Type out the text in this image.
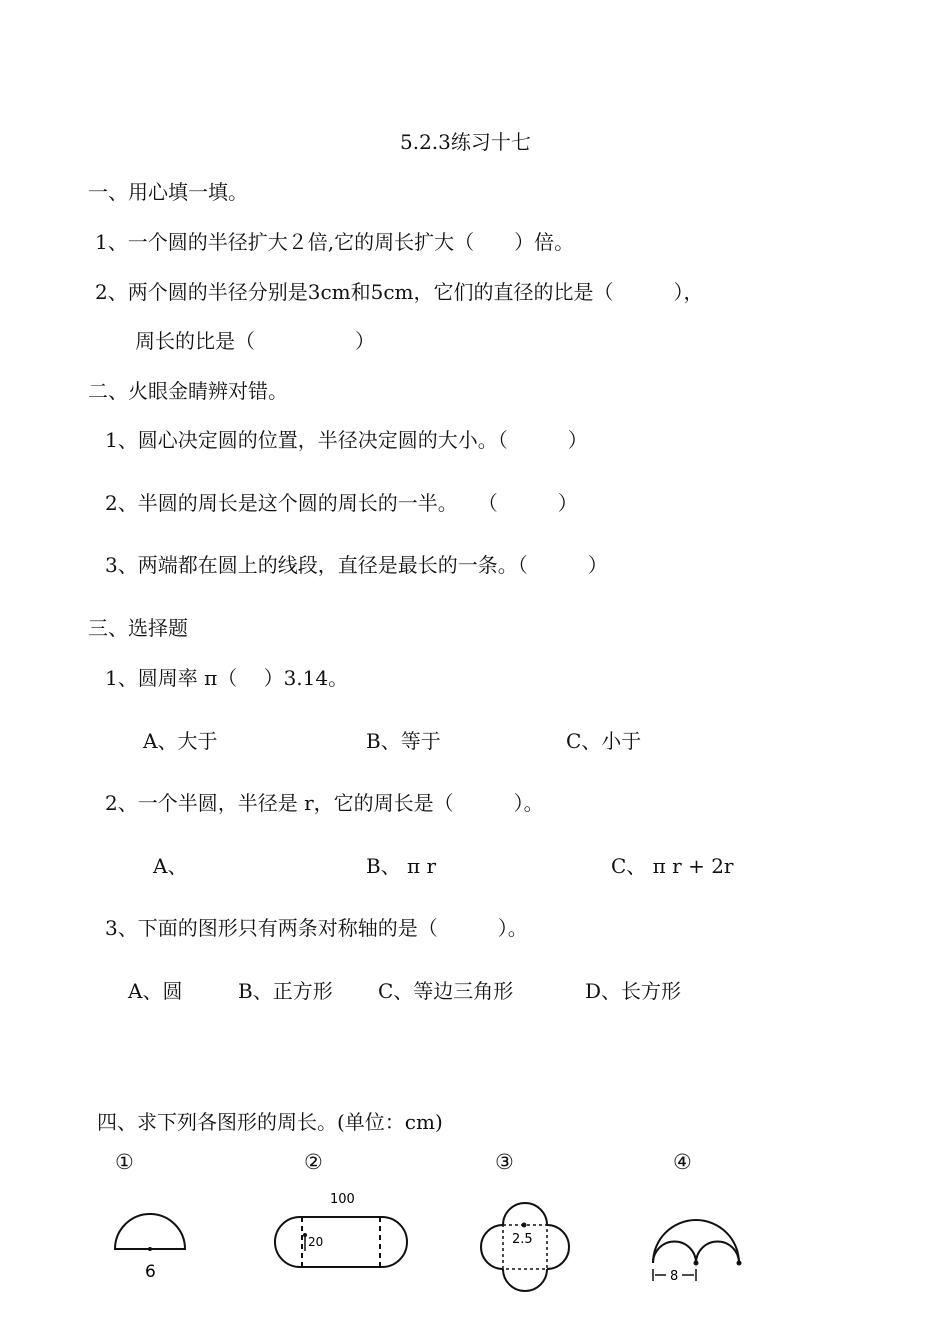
5.2.3练习十七
一、用心填一填。
1、一个圆的半径扩大２倍,它的周长扩大（　　）倍。
2、两个圆的半径分别是3cm和5cm，它们的直径的比是（　　　），
周长的比是（　　　　　）
二、火眼金睛辨对错。
1、圆心决定圆的位置，半径决定圆的大小。（　　　）
2、半圆的周长是这个圆的周长的一半。　　（　　　）
3、两端都在圆上的线段，直径是最长的一条。（　　　）
三、选择题
1、圆周率 π（　 ）3.14。
A、大于	B、等于	C、小于
2、一个半圆，半径是 r，它的周长是（　　　）。
A、	B、 π r	C、 π r + 2r
3、下面的图形只有两条对称轴的是（　　　）。
A、圆	B、正方形 C、等边三角形	D、长方形
四、求下列各图形的周长。(单位：cm)
①	②	③	④
6
100
20	2.5
8
